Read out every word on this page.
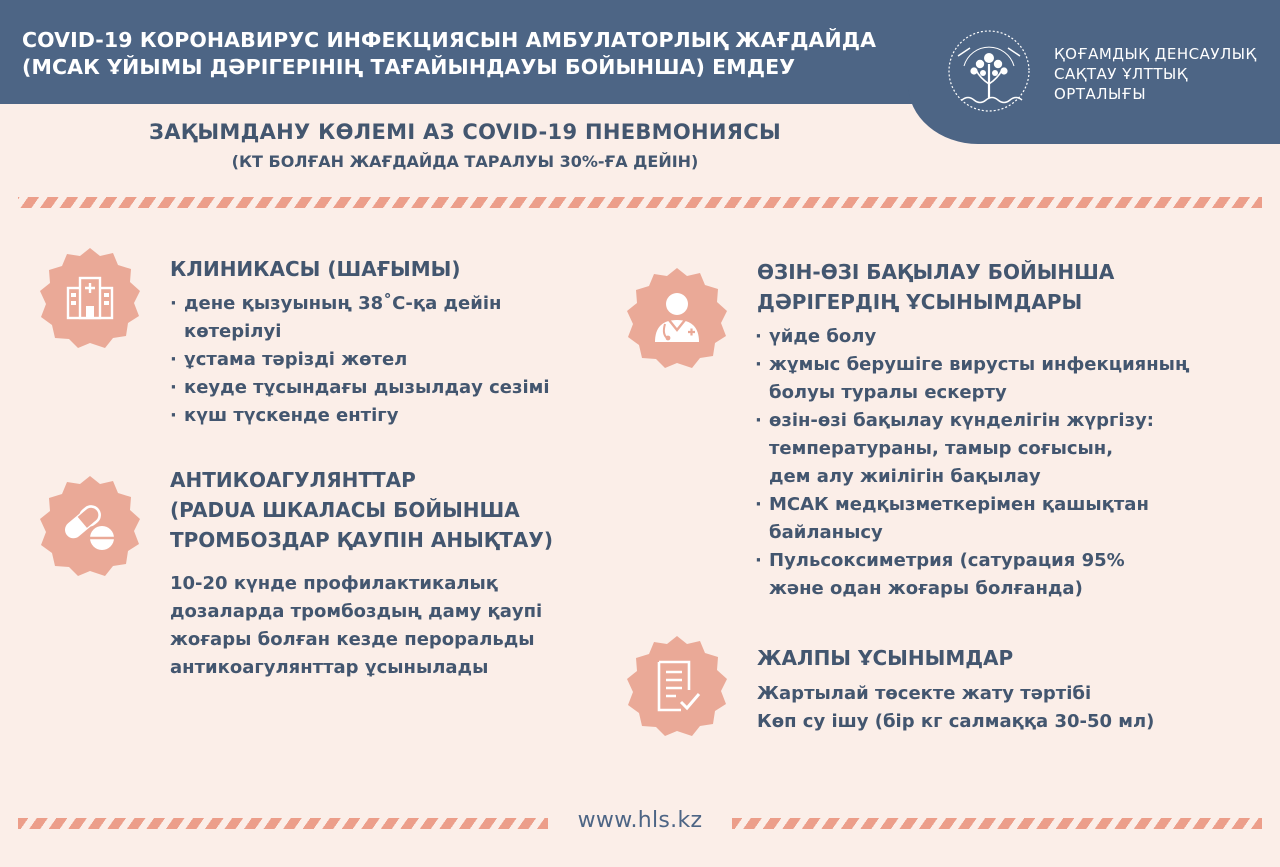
COVID-19 КОРОНАВИРУС ИНФЕКЦИЯСЫН АМБУЛАТОРЛЫҚ ЖАҒДАЙДА
(МСАК ҰЙЫМЫ ДӘРІГЕРІНІҢ ТАҒАЙЫНДАУЫ БОЙЫНША) ЕМДЕУ
ҚОҒАМДЫҚ ДЕНСАУЛЫҚ
САҚТАУ ҰЛТТЫҚ
ОРТАЛЫҒЫ
ЗАҚЫМДАНУ КӨЛЕМІ АЗ COVID-19 ПНЕВМОНИЯСЫ
(КТ БОЛҒАН ЖАҒДАЙДА ТАРАЛУЫ 30%-ҒА ДЕЙІН)
КЛИНИКАСЫ (ШАҒЫМЫ)
· дене қызуының 38˚С-қа дейін
көтерілуі
· ұстама тәрізді жөтел
· кеуде тұсындағы дызылдау сезімі
· күш түскенде ентігу
АНТИКОАГУЛЯНТТАР
(PADUA ШКАЛАСЫ БОЙЫНША
ТРОМБОЗДАР ҚАУПІН АНЫҚТАУ)
10-20 күнде профилактикалық
дозаларда тромбоздың даму қаупі
жоғары болған кезде пероральды
антикоагулянттар ұсынылады
ӨЗІН-ӨЗІ БАҚЫЛАУ БОЙЫНША
ДӘРІГЕРДІҢ ҰСЫНЫМДАРЫ
· үйде болу
· жұмыс берушіге вирусты инфекцияның
болуы туралы ескерту
· өзін-өзі бақылау күнделігін жүргізу:
температураны, тамыр соғысын,
дем алу жиілігін бақылау
· МСАК медқызметкерімен қашықтан
байланысу
· Пульсоксиметрия (сатурация 95%
және одан жоғары болғанда)
ЖАЛПЫ ҰСЫНЫМДАР
Жартылай төсекте жату тәртібі
Көп су ішу (бір кг салмаққа 30-50 мл)
www.hls.kz
